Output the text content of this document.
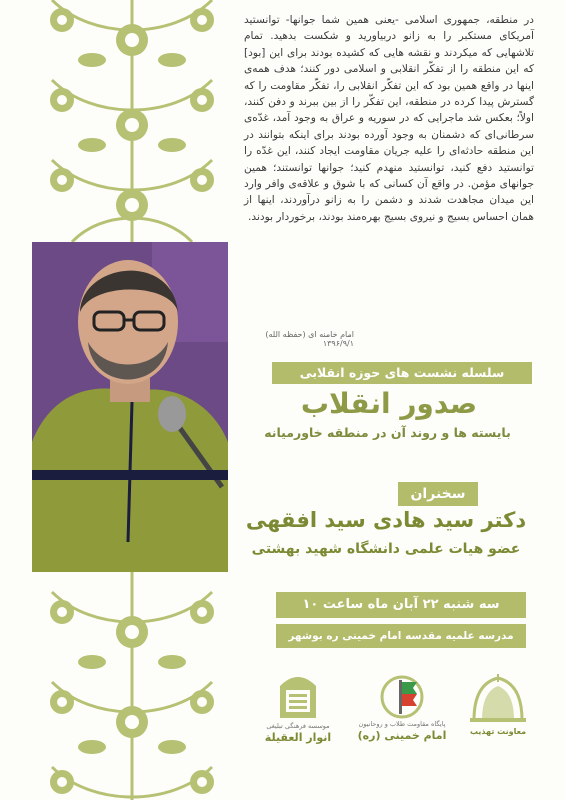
در منطقه، جمهوری اسلامی -یعنی همین شما جوانها- توانستید آمریکای مستکبر را به زانو دربیاورید و شکست بدهید. تمام تلاشهایی که میکردند و نقشه هایی که کشیده بودند برای این [بود] که این منطقه را از تفکّر انقلابی و اسلامی دور کنند؛ هدف همه‌ی اینها در واقع همین بود که این تفکّر انقلابی را، تفکّر مقاومت را که گسترش پیدا کرده در منطقه، این تفکّر را از بین ببرند و دفن کنند، اولاً؛ بعکس شد ماجرایی که در سوریه و عراق به وجود آمد، غدّه‌ی سرطانی‌ای که دشمنان به وجود آورده بودند برای اینکه بتوانند در این منطقه حادثه‌ای را علیه جریان مقاومت ایجاد کنند، این غدّه را توانستید دفع کنید، توانستید منهدم کنید؛ جوانها توانستند؛ همین جوانهای مؤمن. در واقع آن کسانی که با شوق و علاقه‌ی وافر وارد این میدان مجاهدت شدند و دشمن را به زانو درآوردند، اینها از همان احساس بسیج و نیروی بسیج بهره‌مند بودند، برخوردار بودند.

امام خامنه ای (حفظه الله) ۱۳۹۶/۹/۱
سلسله نشست های حوزه انقلابی
صدور انقلاب
بایسته ها و روند آن در منطقه خاورمیانه
سخنران
دکتر سید هادی سید افقهی
عضو هیات علمی دانشگاه شهید بهشتی
سه شنبه ۲۲ آبان ماه ساعت ۱۰
مدرسه علمیه مقدسه امام خمینی ره بوشهر
موسسه فرهنگی تبلیغی
انوار العقیلة
پایگاه مقاومت طلاب و روحانیون
امام خمینی (ره)	معاونت تهذیب
